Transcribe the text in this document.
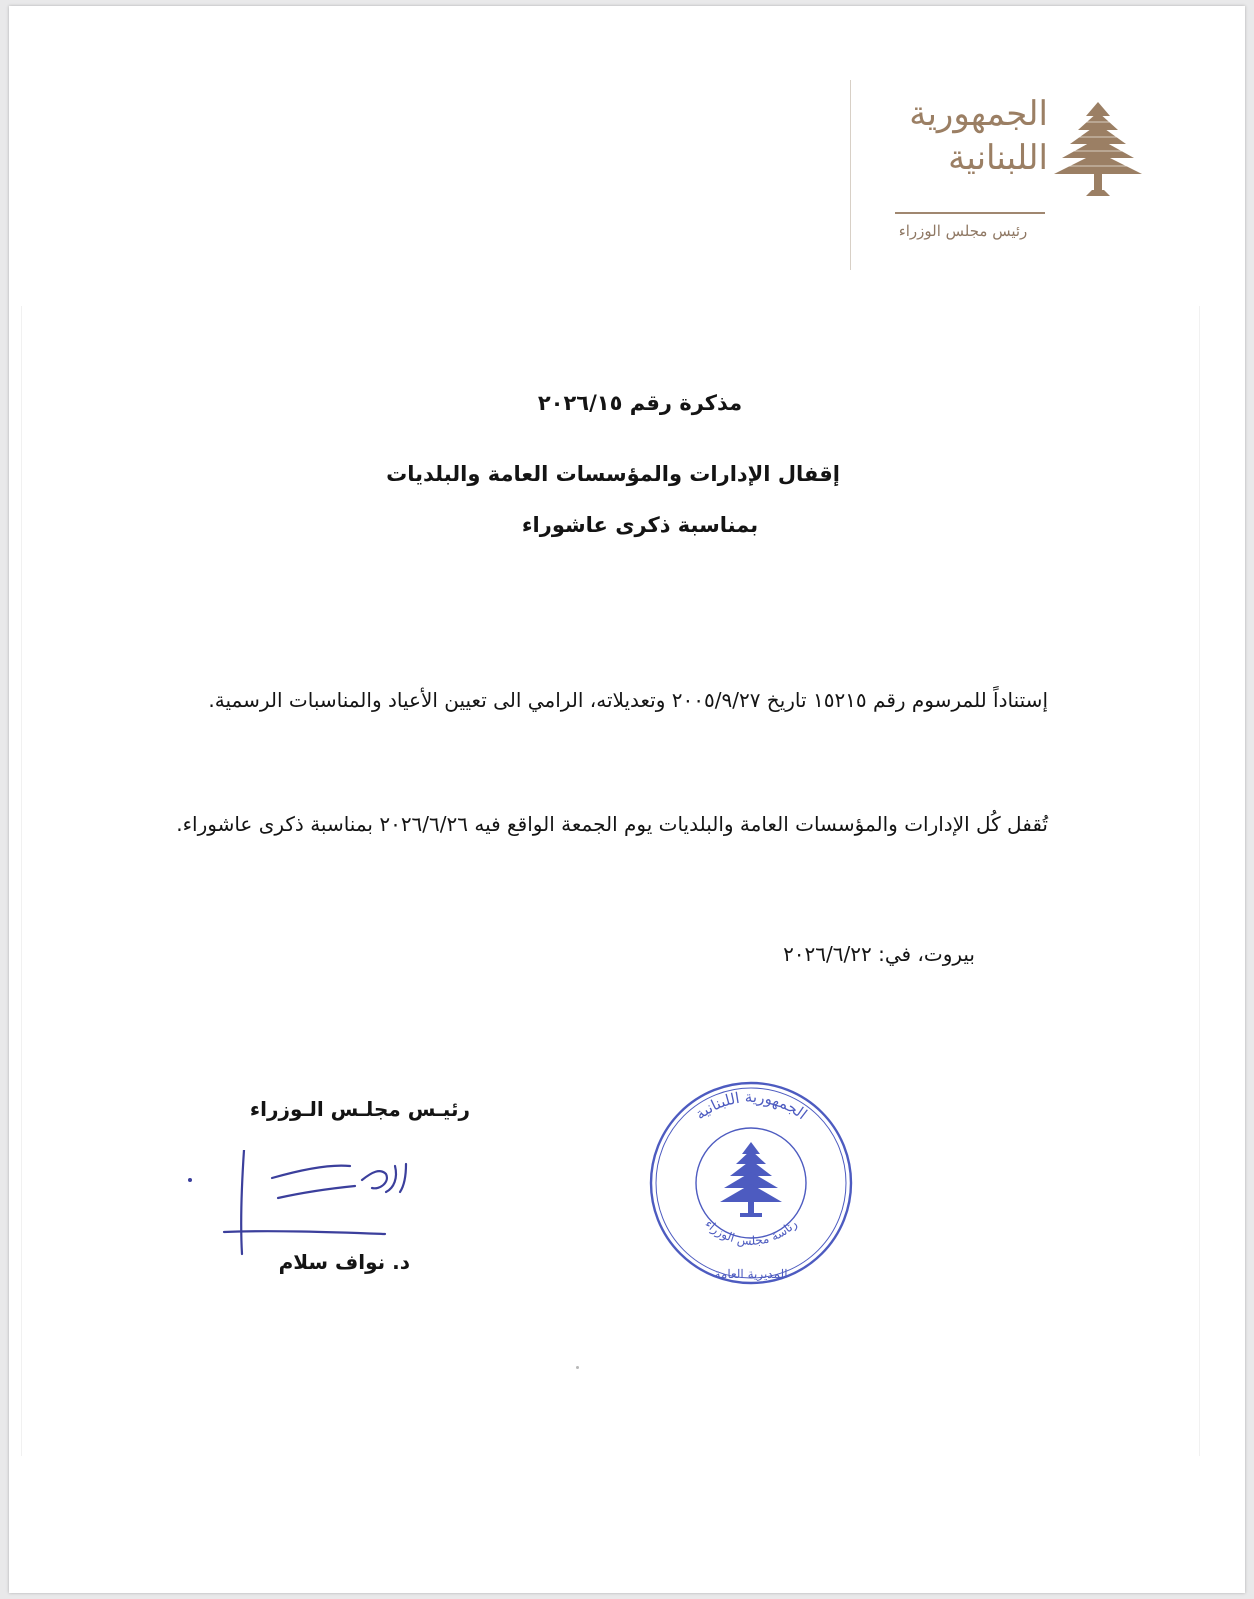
الجمهورية
اللبنانية
رئيس مجلس الوزراء
مذكرة رقم ٢٠٢٦/١٥
إقفال الإدارات والمؤسسات العامة والبلديات
بمناسبة ذكرى عاشوراء
إستناداً للمرسوم رقم ١٥٢١٥ تاريخ ٢٠٠٥/٩/٢٧ وتعديلاته، الرامي الى تعيين الأعياد والمناسبات الرسمية.
تُقفل كُل الإدارات والمؤسسات العامة والبلديات يوم الجمعة الواقع فيه ٢٠٢٦/٦/٢٦ بمناسبة ذكرى عاشوراء.
بيروت، في: ٢٠٢٦/٦/٢٢
رئيـس مجلـس الـوزراء
د. نواف سلام
الجمهورية اللبنانية
رئاسة مجلس الوزراء
المديرية العامة
